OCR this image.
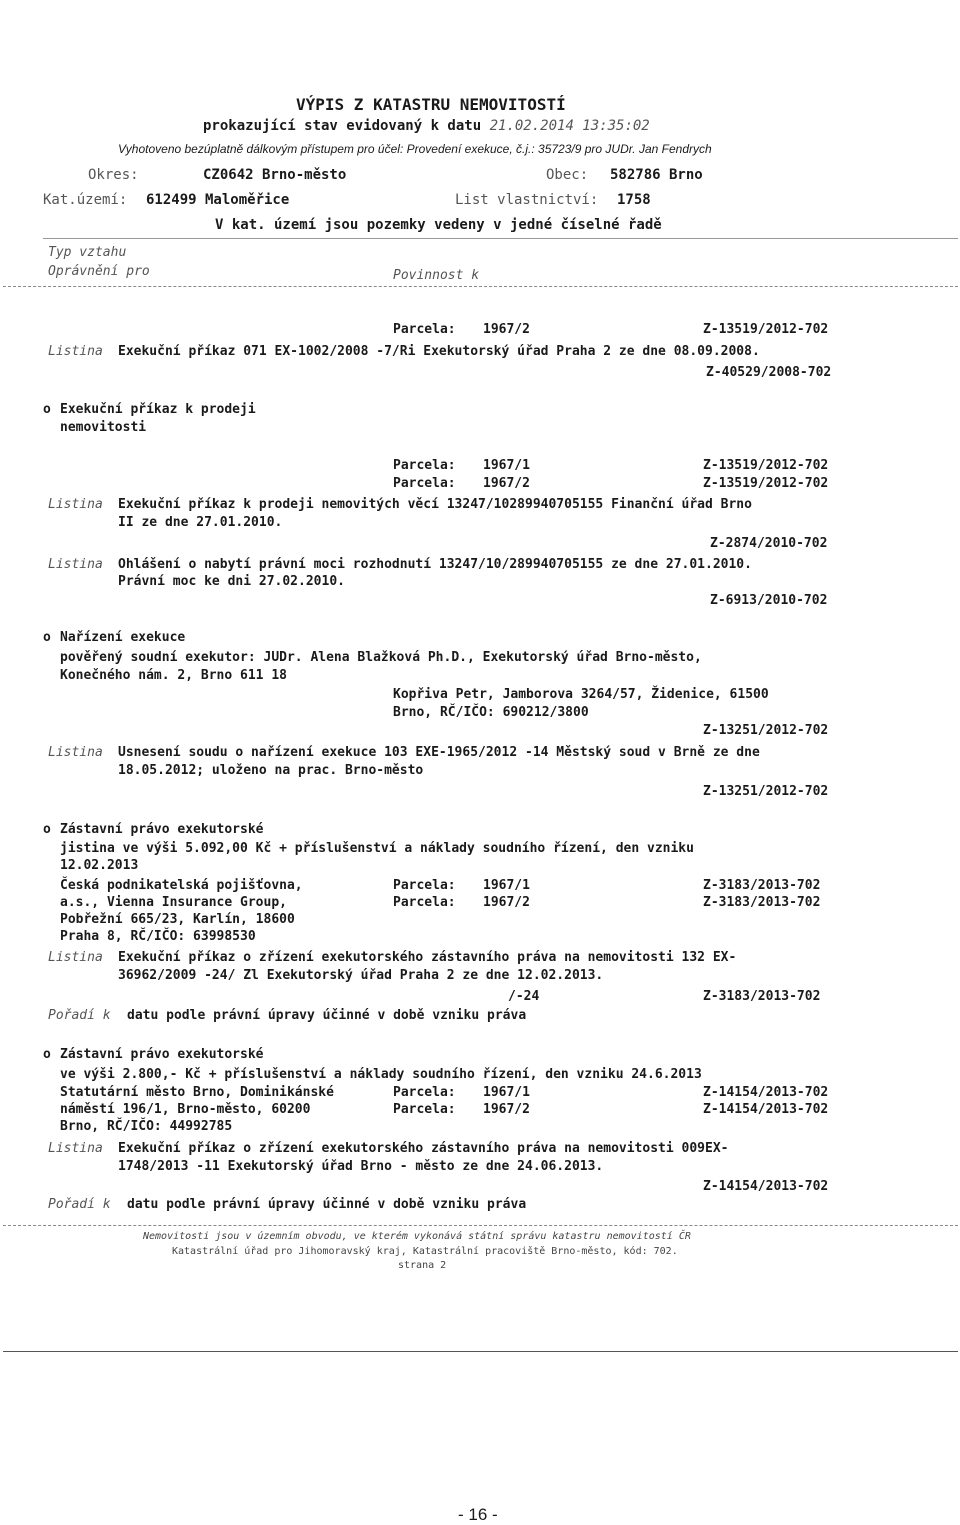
VÝPIS Z KATASTRU NEMOVITOSTÍ
prokazující stav evidovaný k datu 21.02.2014 13:35:02
Vyhotoveno bezúplatně dálkovým přístupem pro účel: Provedení exekuce, č.j.: 35723/9 pro JUDr. Jan Fendrych
Okres:	CZ0642 Brno-město	Obec: 582786 Brno
Kat.území: 612499 Maloměřice	List vlastnictví: 1758
V kat. území jsou pozemky vedeny v jedné číselné řadě
Typ vztahu
Oprávnění pro	Povinnost k
Parcela: 1967/2	Z-13519/2012-702
Listina Exekuční příkaz 071 EX-1002/2008 -7/Ri Exekutorský úřad Praha 2 ze dne 08.09.2008.
Z-40529/2008-702
o Exekuční příkaz k prodeji
nemovitosti
Parcela: 1967/1	Z-13519/2012-702
Parcela: 1967/2	Z-13519/2012-702
Listina Exekuční příkaz k prodeji nemovitých věcí 13247/10289940705155 Finanční úřad Brno
II ze dne 27.01.2010.
Z-2874/2010-702
Listina Ohlášení o nabytí právní moci rozhodnutí 13247/10/289940705155 ze dne 27.01.2010.
Právní moc ke dni 27.02.2010.
Z-6913/2010-702
o Nařízení exekuce
pověřený soudní exekutor: JUDr. Alena Blažková Ph.D., Exekutorský úřad Brno-město,
Konečného nám. 2, Brno 611 18
Kopřiva Petr, Jamborova 3264/57, Židenice, 61500
Brno, RČ/IČO: 690212/3800
Z-13251/2012-702
Listina Usnesení soudu o nařízení exekuce 103 EXE-1965/2012 -14 Městský soud v Brně ze dne
18.05.2012; uloženo na prac. Brno-město
Z-13251/2012-702
o Zástavní právo exekutorské
jistina ve výši 5.092,00 Kč + příslušenství a náklady soudního řízení, den vzniku
12.02.2013
Česká podnikatelská pojišťovna,
a.s., Vienna Insurance Group,
Pobřežní 665/23, Karlín, 18600
Praha 8, RČ/IČO: 63998530
Parcela: 1967/1	Z-3183/2013-702
Parcela: 1967/2	Z-3183/2013-702
Listina Exekuční příkaz o zřízení exekutorského zástavního práva na nemovitosti 132 EX-
36962/2009 -24/ Zl Exekutorský úřad Praha 2 ze dne 12.02.2013.
/-24	Z-3183/2013-702
Pořadí k datu podle právní úpravy účinné v době vzniku práva
o Zástavní právo exekutorské
ve výši 2.800,- Kč + příslušenství a náklady soudního řízení, den vzniku 24.6.2013
Statutární město Brno, Dominikánské
náměstí 196/1, Brno-město, 60200
Brno, RČ/IČO: 44992785
Parcela: 1967/1	Z-14154/2013-702
Parcela: 1967/2	Z-14154/2013-702
Listina Exekuční příkaz o zřízení exekutorského zástavního práva na nemovitosti 009EX-
1748/2013 -11 Exekutorský úřad Brno - město ze dne 24.06.2013.
Z-14154/2013-702
Pořadí k datu podle právní úpravy účinné v době vzniku práva
Nemovitosti jsou v územním obvodu, ve kterém vykonává státní správu katastru nemovitostí ČR
Katastrální úřad pro Jihomoravský kraj, Katastrální pracoviště Brno-město, kód: 702.
strana 2
- 16 -
